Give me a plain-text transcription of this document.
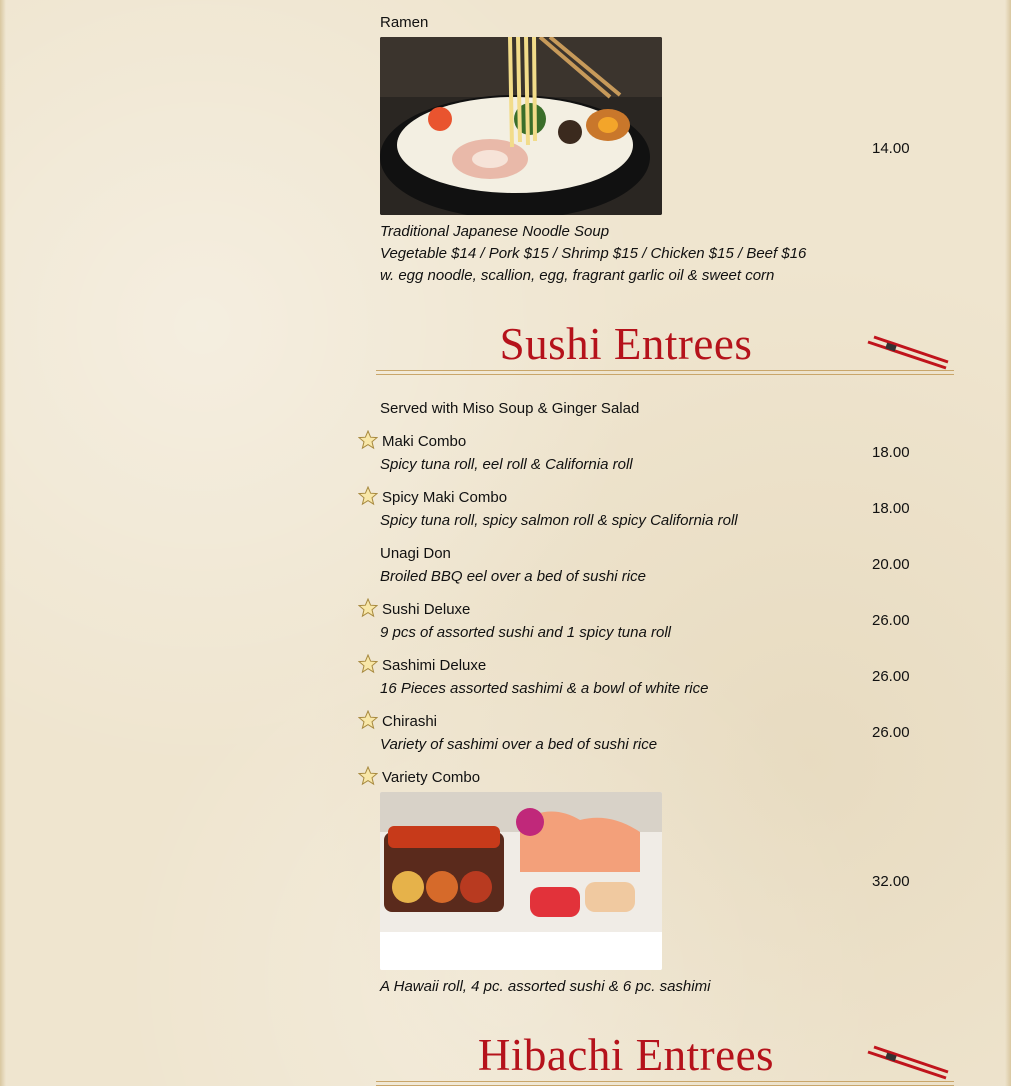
Ramen
Traditional Japanese Noodle Soup
Vegetable $14 / Pork $15 / Shrimp $15 / Chicken $15 / Beef $16
w. egg noodle, scallion, egg, fragrant garlic oil & sweet corn
14.00
Sushi Entrees
Served with Miso Soup & Ginger Salad
Maki Combo
Spicy tuna roll, eel roll & California roll
18.00
Spicy Maki Combo
Spicy tuna roll, spicy salmon roll & spicy California roll
18.00
Unagi Don
Broiled BBQ eel over a bed of sushi rice
20.00
Sushi Deluxe
9 pcs of assorted sushi and 1 spicy tuna roll
26.00
Sashimi Deluxe
16 Pieces assorted sashimi & a bowl of white rice
26.00
Chirashi
Variety of sashimi over a bed of sushi rice
26.00
Variety Combo
A Hawaii roll, 4 pc. assorted sushi & 6 pc. sashimi
32.00
Hibachi Entrees
